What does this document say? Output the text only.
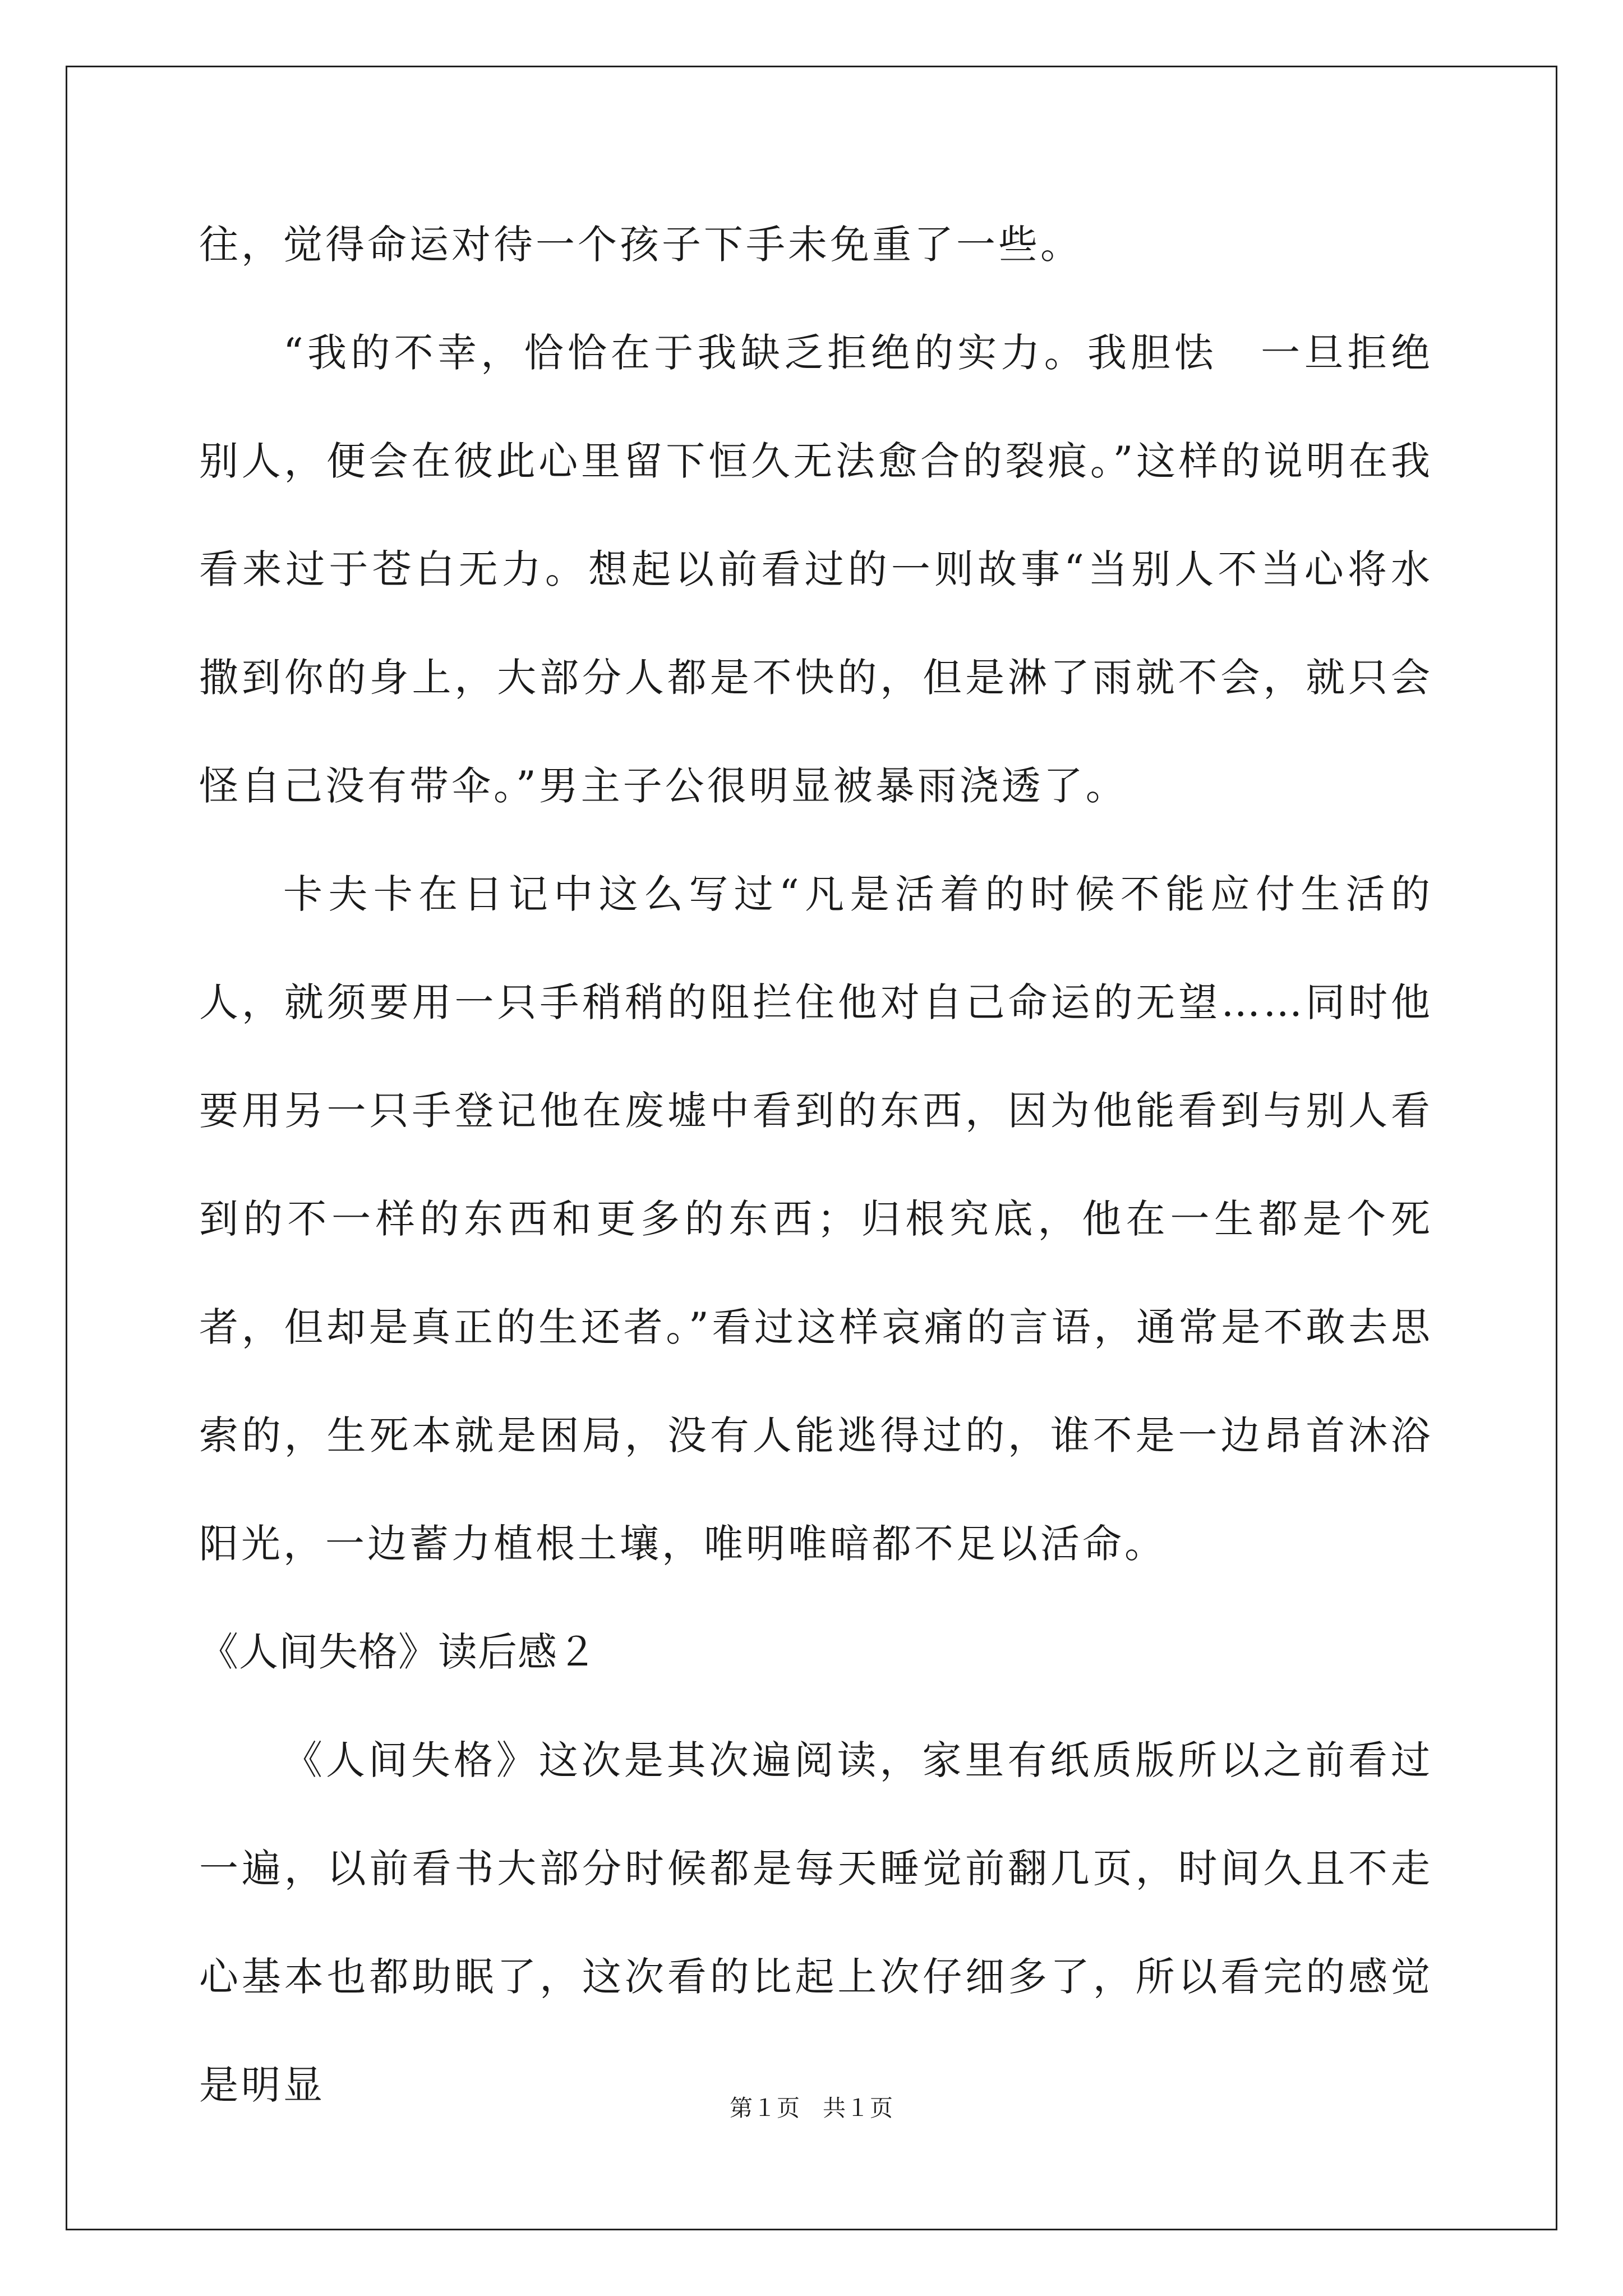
往，觉得命运对待一个孩子下手未免重了一些。

“我的不幸，恰恰在于我缺乏拒绝的实力。我胆怯　一旦拒绝别人，便会在彼此心里留下恒久无法愈合的裂痕。”这样的说明在我看来过于苍白无力。想起以前看过的一则故事“当别人不当心将水撒到你的身上，大部分人都是不快的，但是淋了雨就不会，就只会怪自己没有带伞。”男主子公很明显被暴雨浇透了。

卡夫卡在日记中这么写过“凡是活着的时候不能应付生活的人，就须要用一只手稍稍的阻拦住他对自己命运的无望……同时他要用另一只手登记他在废墟中看到的东西，因为他能看到与别人看到的不一样的东西和更多的东西；归根究底，他在一生都是个死者，但却是真正的生还者。”看过这样哀痛的言语，通常是不敢去思索的，生死本就是困局，没有人能逃得过的，谁不是一边昂首沐浴阳光，一边蓄力植根土壤，唯明唯暗都不足以活命。

《人间失格》读后感２

《人间失格》这次是其次遍阅读，家里有纸质版所以之前看过一遍，以前看书大部分时候都是每天睡觉前翻几页，时间久且不走心基本也都助眠了，这次看的比起上次仔细多了，所以看完的感觉是明显	第１页 共１页
